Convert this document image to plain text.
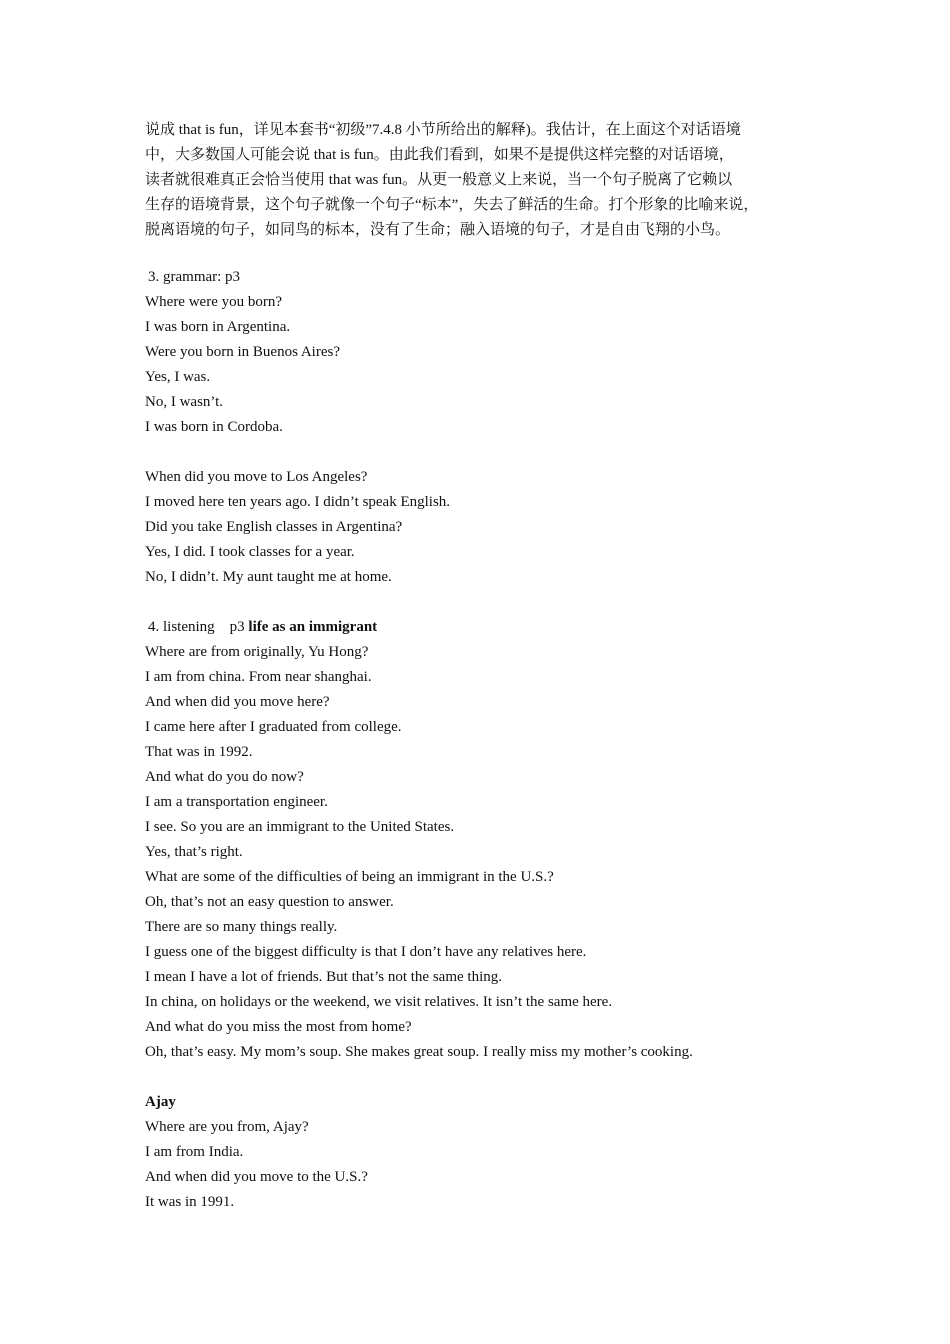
说成 that is fun，详见本套书“初级”7.4.8 小节所给出的解释)。我估计，在上面这个对话语境
中，大多数国人可能会说 that is fun。由此我们看到，如果不是提供这样完整的对话语境，
读者就很难真正会恰当使用 that was fun。从更一般意义上来说，当一个句子脱离了它赖以
生存的语境背景，这个句子就像一个句子“标本”，失去了鲜活的生命。打个形象的比喻来说，
脱离语境的句子，如同鸟的标本，没有了生命；融入语境的句子，才是自由飞翔的小鸟。

3. grammar: p3

Where were you born?

I was born in Argentina.

Were you born in Buenos Aires?

Yes, I was.

No, I wasn’t.

I was born in Cordoba.

When did you move to Los Angeles?

I moved here ten years ago. I didn’t speak English.

Did you take English classes in Argentina?

Yes, I did. I took classes for a year.

No, I didn’t. My aunt taught me at home.

4. listening    p3 life as an immigrant

Where are from originally, Yu Hong?

I am from china. From near shanghai.

And when did you move here?

I came here after I graduated from college.

That was in 1992.

And what do you do now?

I am a transportation engineer.

I see. So you are an immigrant to the United States.

Yes, that’s right.

What are some of the difficulties of being an immigrant in the U.S.?

Oh, that’s not an easy question to answer.

There are so many things really.

I guess one of the biggest difficulty is that I don’t have any relatives here.

I mean I have a lot of friends. But that’s not the same thing.

In china, on holidays or the weekend, we visit relatives. It isn’t the same here.

And what do you miss the most from home?

Oh, that’s easy. My mom’s soup. She makes great soup. I really miss my mother’s cooking.

Ajay

Where are you from, Ajay?

I am from India.

And when did you move to the U.S.?

It was in 1991.
